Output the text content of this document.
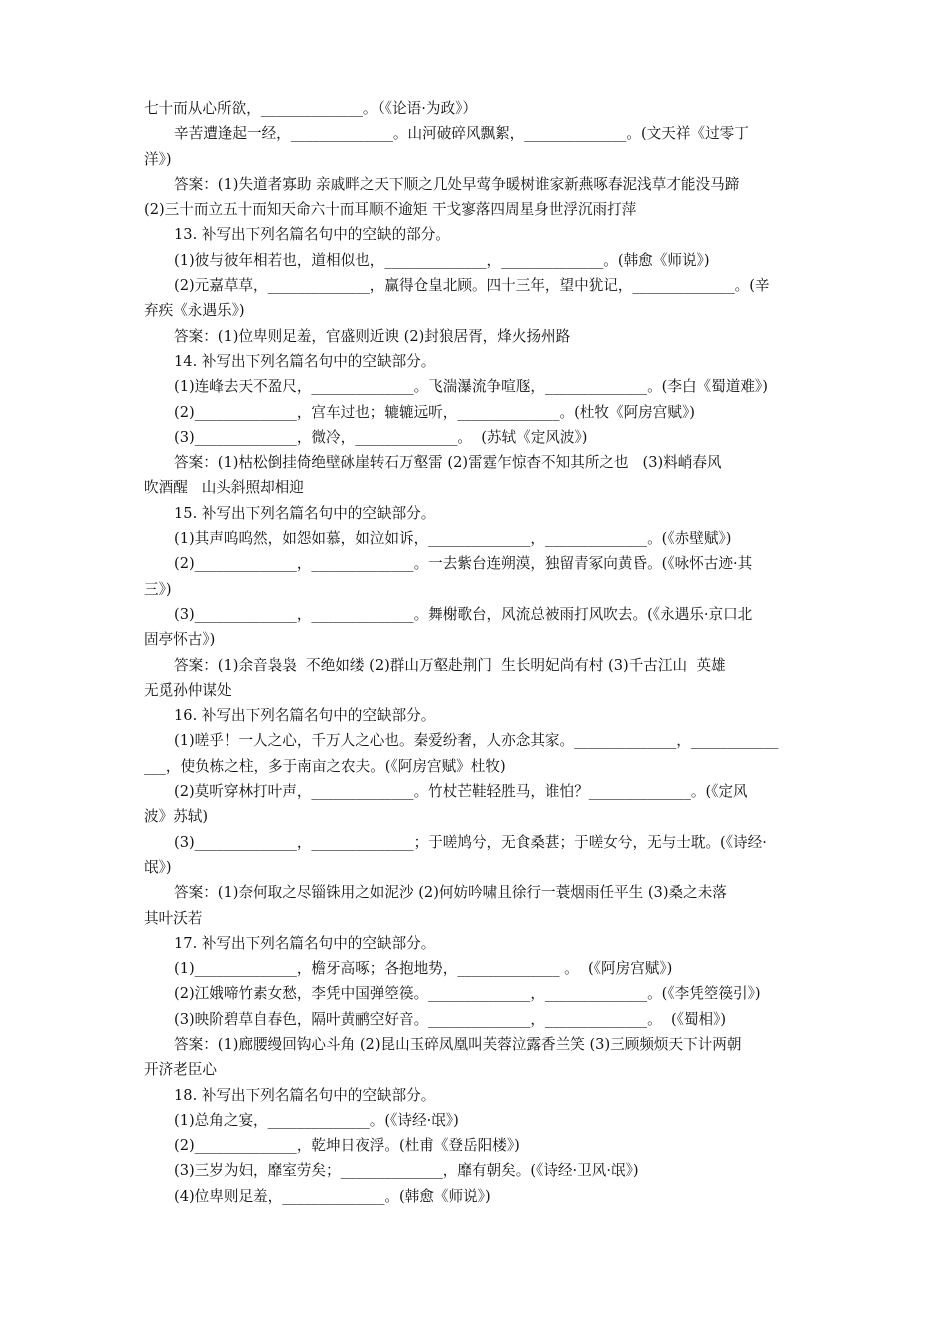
七十而从心所欲，______________。（《论语·为政》）
辛苦遭逢起一经，______________。山河破碎风飘絮，______________。(文天祥《过零丁
洋》)
答案：(1)失道者寡助 亲戚畔之天下顺之几处早莺争暖树谁家新燕啄春泥浅草才能没马蹄
(2)三十而立五十而知天命六十而耳顺不逾矩 干戈寥落四周星身世浮沉雨打萍
13. 补写出下列名篇名句中的空缺的部分。
(1)彼与彼年相若也，道相似也，______________，______________。(韩愈《师说》)
(2)元嘉草草，______________，赢得仓皇北顾。四十三年，望中犹记，______________。(辛
弃疾《永遇乐》)
答案：(1)位卑则足羞，官盛则近谀 (2)封狼居胥，烽火扬州路
14. 补写出下列名篇名句中的空缺部分。
(1)连峰去天不盈尺，______________。飞湍瀑流争喧豗，______________。(李白《蜀道难》)
(2)______________，宫车过也；辘辘远听，______________。(杜牧《阿房宫赋》)
(3)______________，微冷，______________。  (苏轼《定风波》)
答案：(1)枯松倒挂倚绝壁砯崖转石万壑雷 (2)雷霆乍惊杳不知其所之也   (3)料峭春风
吹酒醒   山头斜照却相迎
15. 补写出下列名篇名句中的空缺部分。
(1)其声呜呜然，如怨如慕，如泣如诉，______________，______________。(《赤壁赋》)
(2)______________，______________。一去紫台连朔漠，独留青冢向黄昏。(《咏怀古迹·其
三》)
(3)______________，______________。舞榭歌台，风流总被雨打风吹去。(《永遇乐·京口北
固亭怀古》)
答案：(1)余音袅袅  不绝如缕 (2)群山万壑赴荆门  生长明妃尚有村 (3)千古江山  英雄
无觅孙仲谋处
16. 补写出下列名篇名句中的空缺部分。
(1)嗟乎！一人之心，千万人之心也。秦爱纷奢，人亦念其家。______________，____________
___，使负栋之柱，多于南亩之农夫。(《阿房宫赋》杜牧)
(2)莫听穿林打叶声，______________。竹杖芒鞋轻胜马，谁怕？______________。(《定风
波》苏轼)
(3)______________，______________；于嗟鸠兮，无食桑葚；于嗟女兮，无与士耽。(《诗经·
氓》)
答案：(1)奈何取之尽锱铢用之如泥沙 (2)何妨吟啸且徐行一蓑烟雨任平生 (3)桑之未落
其叶沃若
17. 补写出下列名篇名句中的空缺部分。
(1)______________，檐牙高啄；各抱地势，______________ 。  (《阿房宫赋》)
(2)江娥啼竹素女愁，李凭中国弹箜篌。______________，______________。(《李凭箜篌引》)
(3)映阶碧草自春色，隔叶黄鹂空好音。______________，______________。  (《蜀相》)
答案：(1)廊腰缦回钩心斗角 (2)昆山玉碎凤凰叫芙蓉泣露香兰笑 (3)三顾频烦天下计两朝
开济老臣心
18. 补写出下列名篇名句中的空缺部分。
(1)总角之宴，______________。(《诗经·氓》)
(2)______________，乾坤日夜浮。(杜甫《登岳阳楼》)
(3)三岁为妇，靡室劳矣；______________，靡有朝矣。(《诗经·卫风·氓》)
(4)位卑则足羞，______________。(韩愈《师说》)
